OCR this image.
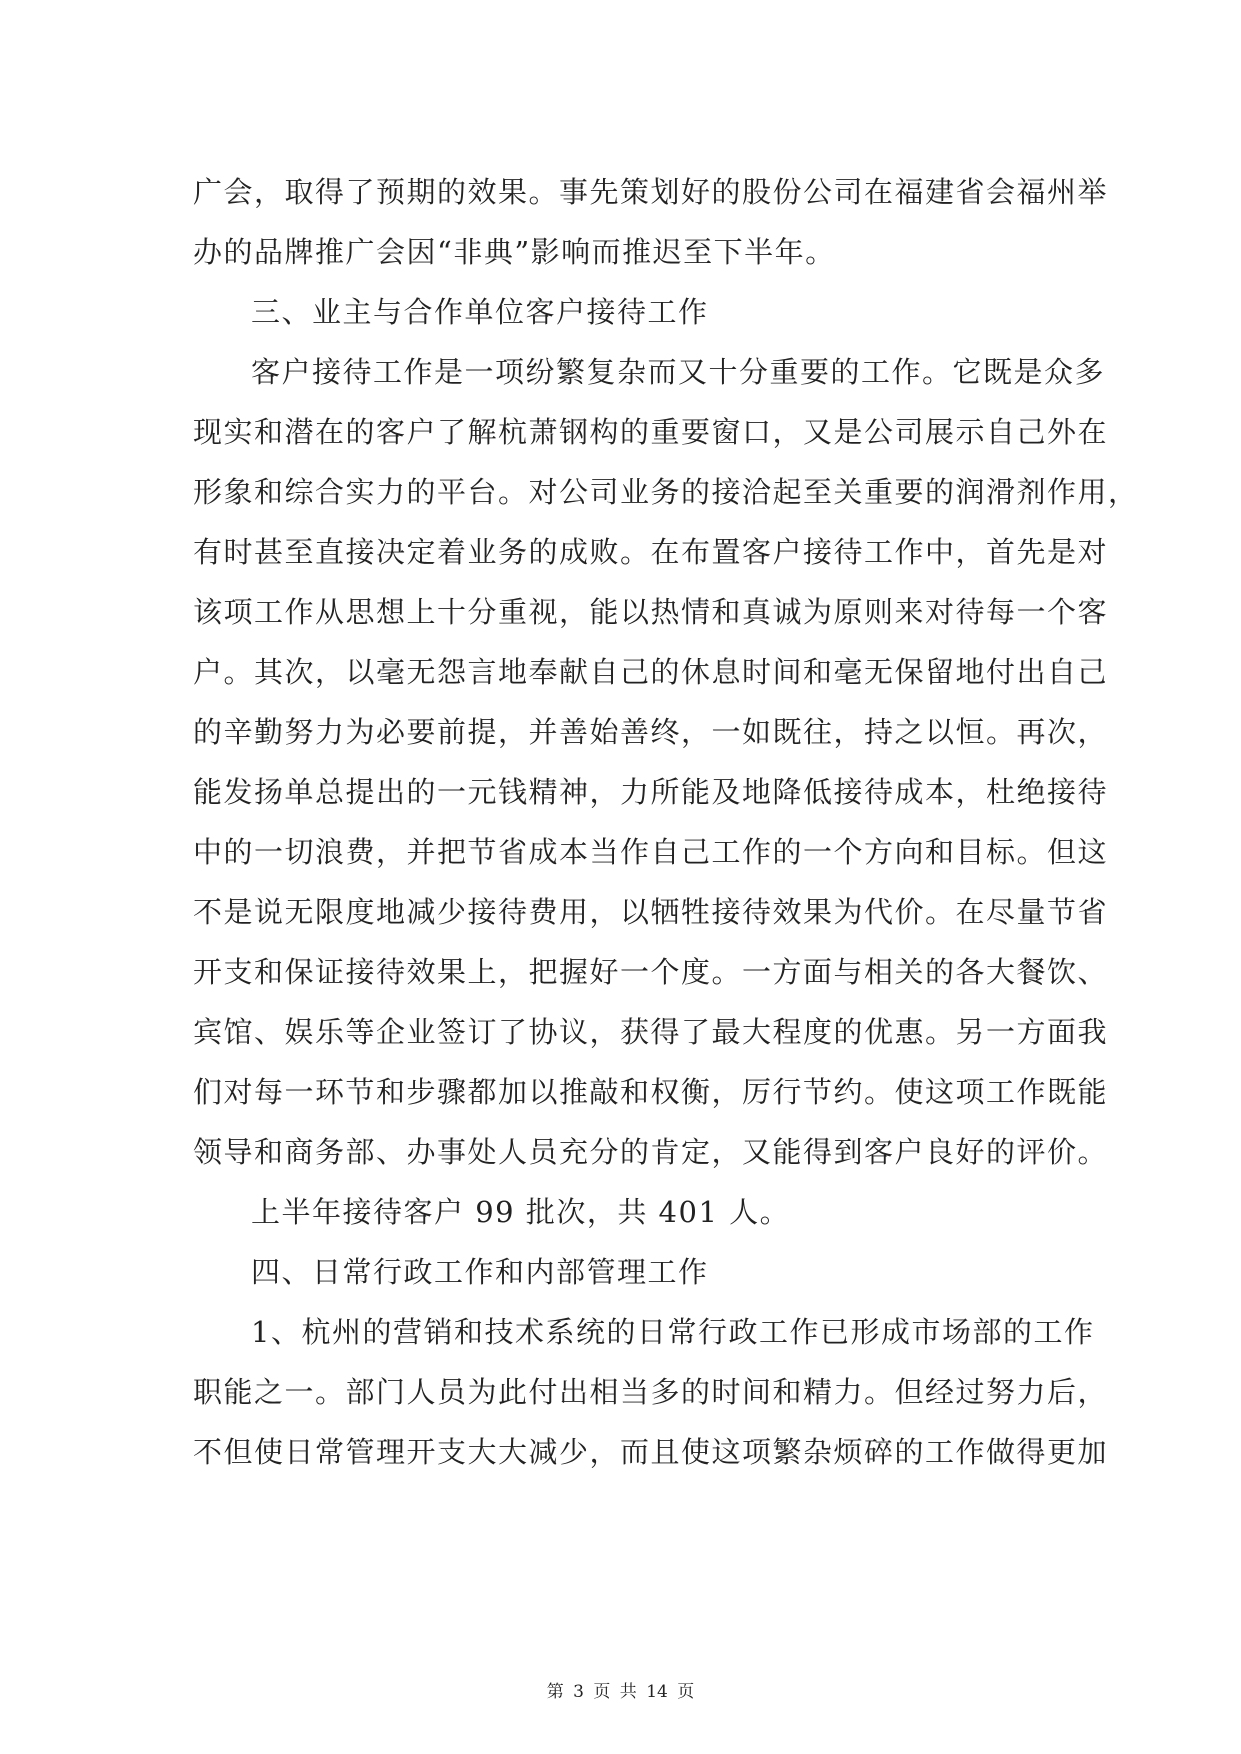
广会，取得了预期的效果。事先策划好的股份公司在福建省会福州举
办的品牌推广会因“非典”影响而推迟至下半年。
三、业主与合作单位客户接待工作
客户接待工作是一项纷繁复杂而又十分重要的工作。它既是众多
现实和潜在的客户了解杭萧钢构的重要窗口，又是公司展示自己外在
形象和综合实力的平台。对公司业务的接洽起至关重要的润滑剂作用，
有时甚至直接决定着业务的成败。在布置客户接待工作中，首先是对
该项工作从思想上十分重视，能以热情和真诚为原则来对待每一个客
户。其次，以毫无怨言地奉献自己的休息时间和毫无保留地付出自己
的辛勤努力为必要前提，并善始善终，一如既往，持之以恒。再次，
能发扬单总提出的一元钱精神，力所能及地降低接待成本，杜绝接待
中的一切浪费，并把节省成本当作自己工作的一个方向和目标。但这
不是说无限度地减少接待费用，以牺牲接待效果为代价。在尽量节省
开支和保证接待效果上，把握好一个度。一方面与相关的各大餐饮、
宾馆、娱乐等企业签订了协议，获得了最大程度的优惠。另一方面我
们对每一环节和步骤都加以推敲和权衡，厉行节约。使这项工作既能
领导和商务部、办事处人员充分的肯定，又能得到客户良好的评价。
上半年接待客户 99 批次，共 401 人。
四、日常行政工作和内部管理工作
1、杭州的营销和技术系统的日常行政工作已形成市场部的工作
职能之一。部门人员为此付出相当多的时间和精力。但经过努力后，
不但使日常管理开支大大减少，而且使这项繁杂烦碎的工作做得更加
第 3 页 共 14 页
